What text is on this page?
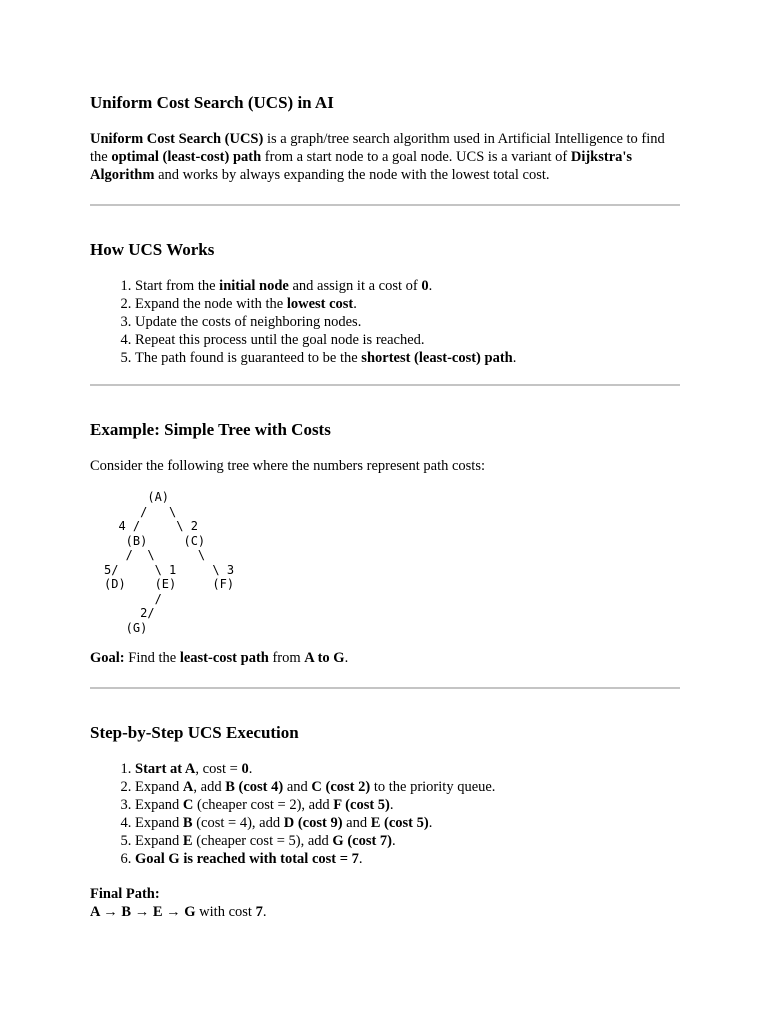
Uniform Cost Search (UCS) in AI

Uniform Cost Search (UCS) is a graph/tree search algorithm used in Artificial Intelligence to find the optimal (least-cost) path from a start node to a goal node. UCS is a variant of Dijkstra's Algorithm and works by always expanding the node with the lowest total cost.

How UCS Works
1. Start from the initial node and assign it a cost of 0.
2. Expand the node with the lowest cost.
3. Update the costs of neighboring nodes.
4. Repeat this process until the goal node is reached.
5. The path found is guaranteed to be the shortest (least-cost) path.
Example: Simple Tree with Costs

Consider the following tree where the numbers represent path costs:

(A)
/   \
4 /     \ 2
(B)     (C)
/  \      \
5/     \ 1     \ 3
(D)    (E)     (F)
/
2/
(G)

Goal: Find the least-cost path from A to G.

Step-by-Step UCS Execution
1. Start at A, cost = 0.
2. Expand A, add B (cost 4) and C (cost 2) to the priority queue.
3. Expand C (cheaper cost = 2), add F (cost 5).
4. Expand B (cost = 4), add D (cost 9) and E (cost 5).
5. Expand E (cheaper cost = 5), add G (cost 7).
6. Goal G is reached with total cost = 7.

Final Path:

A → B → E → G with cost 7.
